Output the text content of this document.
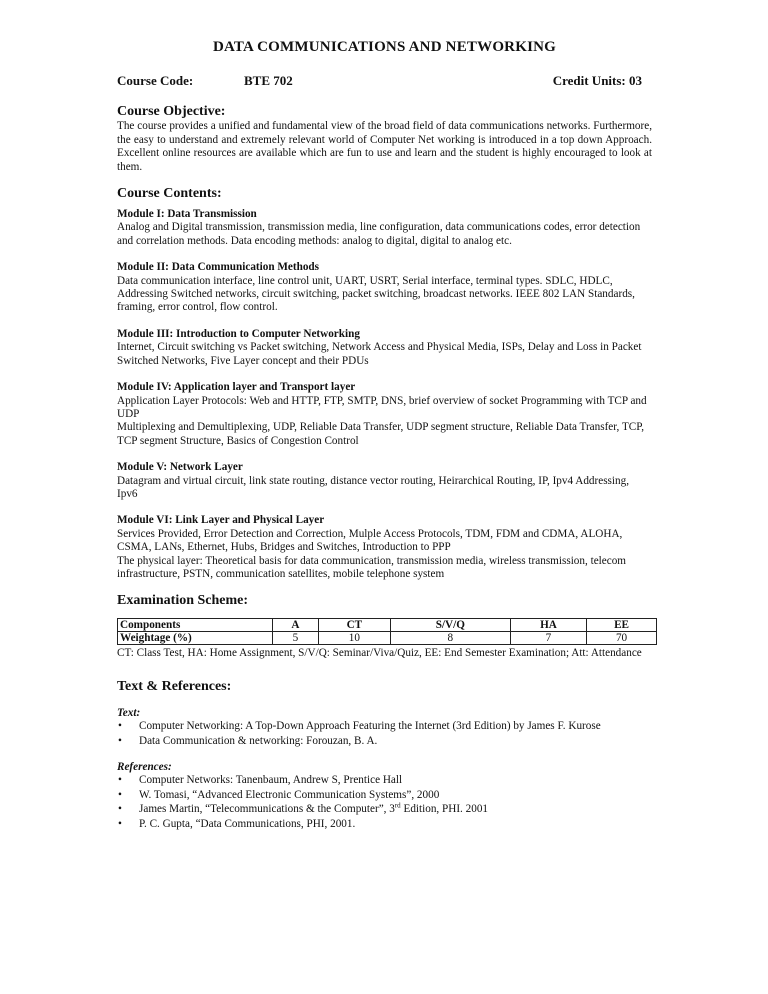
DATA COMMUNICATIONS AND NETWORKING
Course Code:	BTE 702	Credit Units: 03
Course Objective:

The course provides a unified and fundamental view of the broad field of data communications networks. Furthermore, the easy to understand and extremely relevant world of Computer Net working is introduced in a top down Approach. Excellent online resources are available which are fun to use and learn and the student is highly encouraged to look at them.

Course Contents:
Module I: Data Transmission

Analog and Digital transmission, transmission media, line configuration, data communications codes, error detection and correlation methods. Data encoding methods: analog to digital, digital to analog etc.

Module II: Data Communication Methods

Data communication interface, line control unit, UART, USRT, Serial interface, terminal types. SDLC, HDLC, Addressing Switched networks, circuit switching, packet switching, broadcast networks. IEEE 802 LAN Standards, framing, error control, flow control.

Module III: Introduction to Computer Networking

Internet, Circuit switching vs Packet switching, Network Access and Physical Media, ISPs, Delay and Loss in Packet Switched Networks, Five Layer concept and their PDUs

Module IV: Application layer and Transport layer

Application Layer Protocols: Web and HTTP, FTP, SMTP, DNS, brief overview of socket Programming with TCP and UDP

Multiplexing and Demultiplexing, UDP, Reliable Data Transfer, UDP segment structure, Reliable Data Transfer, TCP, TCP segment Structure, Basics of Congestion Control

Module V: Network Layer

Datagram and virtual circuit, link state routing, distance vector routing, Heirarchical Routing, IP, Ipv4 Addressing, Ipv6

Module VI: Link Layer and Physical Layer

Services Provided, Error Detection and Correction, Mulple Access Protocols, TDM, FDM and CDMA, ALOHA, CSMA, LANs, Ethernet, Hubs, Bridges and Switches, Introduction to PPP

The physical layer: Theoretical basis for data communication, transmission media, wireless transmission, telecom infrastructure, PSTN, communication satellites, mobile telephone system

Examination Scheme:
Components	A	CT	S/V/Q	HA	EE
Weightage (%)	5	10	8	7	70

CT: Class Test, HA: Home Assignment, S/V/Q: Seminar/Viva/Quiz, EE: End Semester Examination; Att: Attendance

Text & References:

Text:

• Computer Networking: A Top-Down Approach Featuring the Internet (3rd Edition) by James F. Kurose
• Data Communication & networking: Forouzan, B. A.

References:

• Computer Networks: Tanenbaum, Andrew S, Prentice Hall
• W. Tomasi, “Advanced Electronic Communication Systems”, 2000
• James Martin, “Telecommunications & the Computer”, 3rd Edition, PHI. 2001
• P. C. Gupta, “Data Communications, PHI, 2001.
